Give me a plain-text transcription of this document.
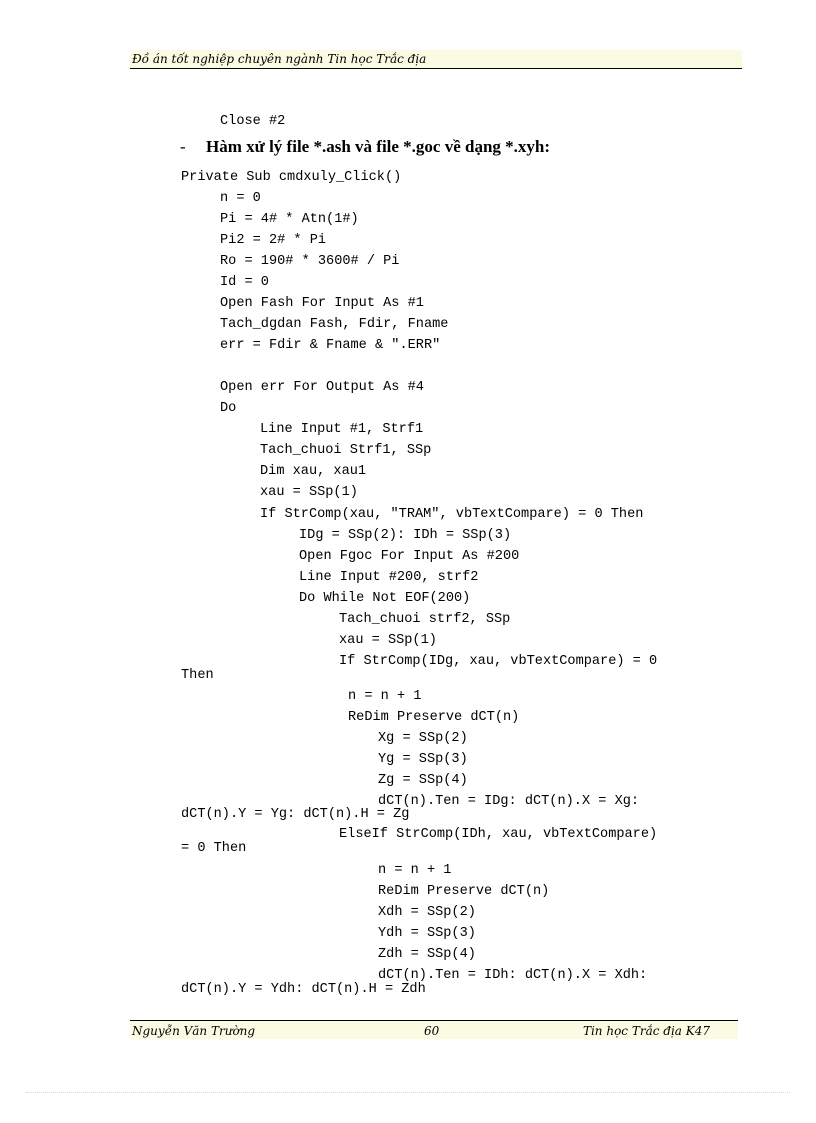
Đồ án tốt nghiệp chuyên ngành Tin học Trắc địa
Close #2
- Hàm xử lý file *.ash và file *.goc về dạng *.xyh:
Private Sub cmdxuly_Click()
n = 0
Pi = 4# * Atn(1#)
Pi2 = 2# * Pi
Ro = 190# * 3600# / Pi
Id = 0
Open Fash For Input As #1
Tach_dgdan Fash, Fdir, Fname
err = Fdir & Fname & ".ERR"
Open err For Output As #4
Do
Line Input #1, Strf1
Tach_chuoi Strf1, SSp
Dim xau, xau1
xau = SSp(1)
If StrComp(xau, "TRAM", vbTextCompare) = 0 Then
IDg = SSp(2): IDh = SSp(3)
Open Fgoc For Input As #200
Line Input #200, strf2
Do While Not EOF(200)
Tach_chuoi strf2, SSp
xau = SSp(1)
If StrComp(IDg, xau, vbTextCompare) = 0
Then
n = n + 1
ReDim Preserve dCT(n)
Xg = SSp(2)
Yg = SSp(3)
Zg = SSp(4)
dCT(n).Ten = IDg: dCT(n).X = Xg:
dCT(n).Y = Yg: dCT(n).H = Zg
ElseIf StrComp(IDh, xau, vbTextCompare)
= 0 Then
n = n + 1
ReDim Preserve dCT(n)
Xdh = SSp(2)
Ydh = SSp(3)
Zdh = SSp(4)
dCT(n).Ten = IDh: dCT(n).X = Xdh:
dCT(n).Y = Ydh: dCT(n).H = Zdh
Nguyễn Văn Trường	60	Tin học Trắc địa K47
